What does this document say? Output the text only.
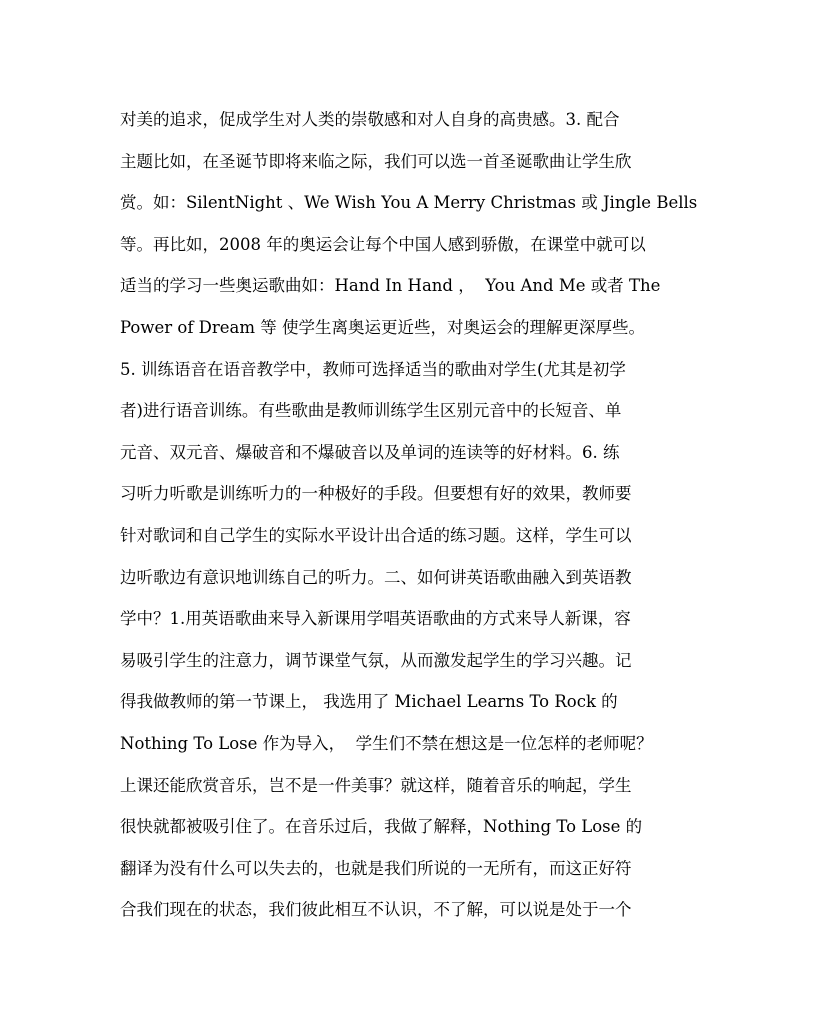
对美的追求，促成学生对人类的崇敬感和对人自身的高贵感。3. 配合
主题比如，在圣诞节即将来临之际，我们可以选一首圣诞歌曲让学生欣
赏。如：SilentNight 、We Wish You A Merry Christmas 或 Jingle Bells
等。再比如，2008 年的奥运会让每个中国人感到骄傲，在课堂中就可以
适当的学习一些奥运歌曲如：Hand In Hand ，  You And Me 或者 The
Power of Dream 等 使学生离奥运更近些，对奥运会的理解更深厚些。
5. 训练语音在语音教学中，教师可选择适当的歌曲对学生(尤其是初学
者)进行语音训练。有些歌曲是教师训练学生区别元音中的长短音、单
元音、双元音、爆破音和不爆破音以及单词的连读等的好材料。6. 练
习听力听歌是训练听力的一种极好的手段。但要想有好的效果，教师要
针对歌词和自己学生的实际水平设计出合适的练习题。这样，学生可以
边听歌边有意识地训练自己的听力。二、如何讲英语歌曲融入到英语教
学中？1.用英语歌曲来导入新课用学唱英语歌曲的方式来导人新课，容
易吸引学生的注意力，调节课堂气氛，从而激发起学生的学习兴趣。记
得我做教师的第一节课上， 我选用了 Michael Learns To Rock 的
Nothing To Lose 作为导入，  学生们不禁在想这是一位怎样的老师呢？
上课还能欣赏音乐，岂不是一件美事？就这样，随着音乐的响起，学生
很快就都被吸引住了。在音乐过后，我做了解释，Nothing To Lose 的
翻译为没有什么可以失去的，也就是我们所说的一无所有，而这正好符
合我们现在的状态，我们彼此相互不认识，不了解，可以说是处于一个
